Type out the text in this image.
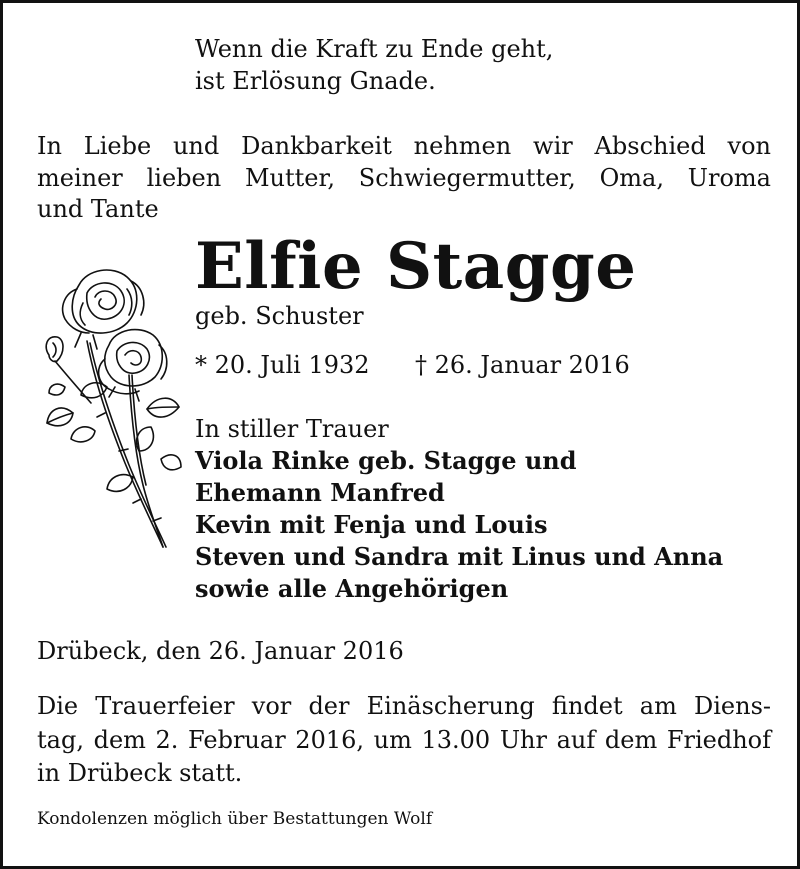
Wenn die Kraft zu Ende geht,
ist Erlösung Gnade.
In Liebe und Dankbarkeit nehmen wir Abschied von
meiner lieben Mutter, Schwiegermutter, Oma, Uroma
und Tante
Elfie Stagge
geb. Schuster
* 20. Juli 1932 † 26. Januar 2016
In stiller Trauer
Viola Rinke geb. Stagge und
Ehemann Manfred
Kevin mit Fenja und Louis
Steven und Sandra mit Linus und Anna
sowie alle Angehörigen
Drübeck, den 26. Januar 2016
Die Trauerfeier vor der Einäscherung findet am Diens-
tag, dem 2. Februar 2016, um 13.00 Uhr auf dem Friedhof
in Drübeck statt.
Kondolenzen möglich über Bestattungen Wolf
